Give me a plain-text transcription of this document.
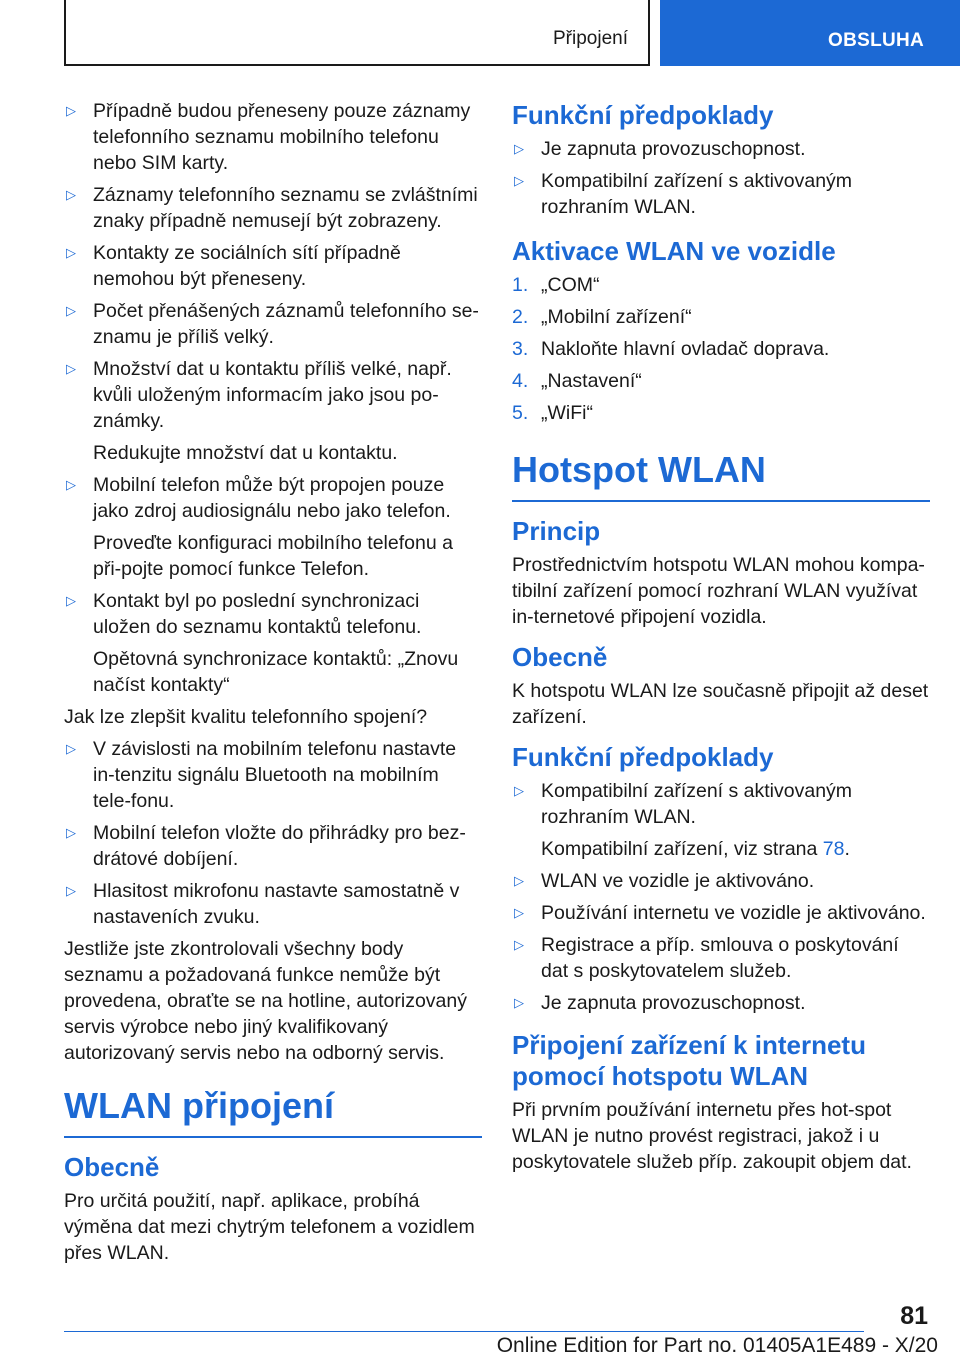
Připojení	OBSLUHA
▷ Případně budou přeneseny pouze záznamy telefonního seznamu mobilního telefonu nebo SIM karty.

▷ Záznamy telefonního seznamu se zvláštními znaky případně nemusejí být zobrazeny.

▷ Kontakty ze sociálních sítí případně nemohou být přeneseny.

▷ Počet přenášených záznamů telefonního se‐znamu je příliš velký.

▷ Množství dat u kontaktu příliš velké, např. kvůli uloženým informacím jako jsou po‐známky.

Redukujte množství dat u kontaktu.

▷ Mobilní telefon může být propojen pouze jako zdroj audiosignálu nebo jako telefon.

Proveďte konfiguraci mobilního telefonu a při‐pojte pomocí funkce Telefon.

▷ Kontakt byl po poslední synchronizaci uložen do seznamu kontaktů telefonu.

Opětovná synchronizace kontaktů: „Znovu načíst kontakty“

Jak lze zlepšit kvalitu telefonního spojení?

▷ V závislosti na mobilním telefonu nastavte in‐tenzitu signálu Bluetooth na mobilním tele‐fonu.

▷ Mobilní telefon vložte do přihrádky pro bez‐drátové dobíjení.

▷ Hlasitost mikrofonu nastavte samostatně v nastaveních zvuku.

Jestliže jste zkontrolovali všechny body seznamu a požadovaná funkce nemůže být provedena, obraťte se na hotline, autorizovaný servis výrobce nebo jiný kvalifikovaný autorizovaný servis nebo na odborný servis.

WLAN připojení
Obecně

Pro určitá použití, např. aplikace, probíhá výměna dat mezi chytrým telefonem a vozidlem přes WLAN.

Funkční předpoklady
▷ Je zapnuta provozuschopnost.

▷ Kompatibilní zařízení s aktivovaným rozhraním WLAN.

Aktivace WLAN ve vozidle
1. „COM“

2. „Mobilní zařízení“

3. Nakloňte hlavní ovladač doprava.

4. „Nastavení“

5. „WiFi“

Hotspot WLAN
Princip

Prostřednictvím hotspotu WLAN mohou kompa‐tibilní zařízení pomocí rozhraní WLAN využívat in‐ternetové připojení vozidla.

Obecně

K hotspotu WLAN lze současně připojit až deset zařízení.

Funkční předpoklady
▷ Kompatibilní zařízení s aktivovaným rozhraním WLAN.

Kompatibilní zařízení, viz strana 78.

▷ WLAN ve vozidle je aktivováno.

▷ Používání internetu ve vozidle je aktivováno.

▷ Registrace a příp. smlouva o poskytování dat s poskytovatelem služeb.

▷ Je zapnuta provozuschopnost.

Připojení zařízení k internetu pomocí hotspotu WLAN

Při prvním používání internetu přes hot‐spot WLAN je nutno provést registraci, jakož i u poskytovatele služeb příp. zakoupit objem dat.

81
Online Edition for Part no. 01405A1E489 - X/20
